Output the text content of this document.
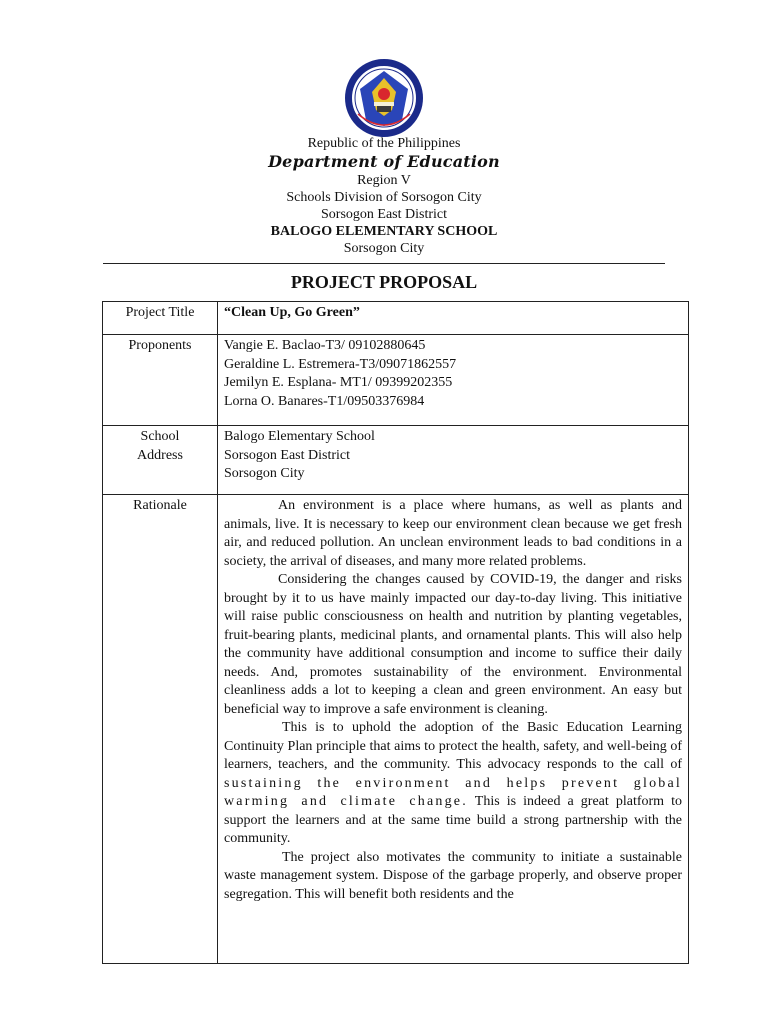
Republic of the Philippines
Department of Education
Region V
Schools Division of Sorsogon City
Sorsogon East District
BALOGO ELEMENTARY SCHOOL
Sorsogon City
PROJECT PROPOSAL
Project Title	“Clean Up, Go Green”
Proponents	Vangie E. Baclao-T3/ 09102880645
Geraldine L. Estremera-T3/09071862557
Jemilyn E. Esplana- MT1/ 09399202355
Lorna O. Banares-T1/09503376984

School
Address	Balogo Elementary School
Sorsogon East District
Sorsogon City

Rationale	An environment is a place where humans, as well as plants and animals, live. It is necessary to keep our environment clean because we get fresh air, and reduced pollution. An unclean environment leads to bad conditions in a society, the arrival of diseases, and many more related problems.

Considering the changes caused by COVID-19, the danger and risks brought by it to us have mainly impacted our day-to-day living. This initiative will raise public consciousness on health and nutrition by planting vegetables, fruit-bearing plants, medicinal plants, and ornamental plants. This will also help the community have additional consumption and income to suffice their daily needs. And, promotes sustainability of the environment. Environmental cleanliness adds a lot to keeping a clean and green environment. An easy but beneficial way to improve a safe environment is cleaning.

This is to uphold the adoption of the Basic Education Learning Continuity Plan principle that aims to protect the health, safety, and well-being of learners, teachers, and the community. This advocacy responds to the call of sustaining the environment and helps prevent global warming and climate change. This is indeed a great platform to support the learners and at the same time build a strong partnership with the community.

The project also motivates the community to initiate a sustainable waste management system. Dispose of the garbage properly, and observe proper segregation. This will benefit both residents and the
